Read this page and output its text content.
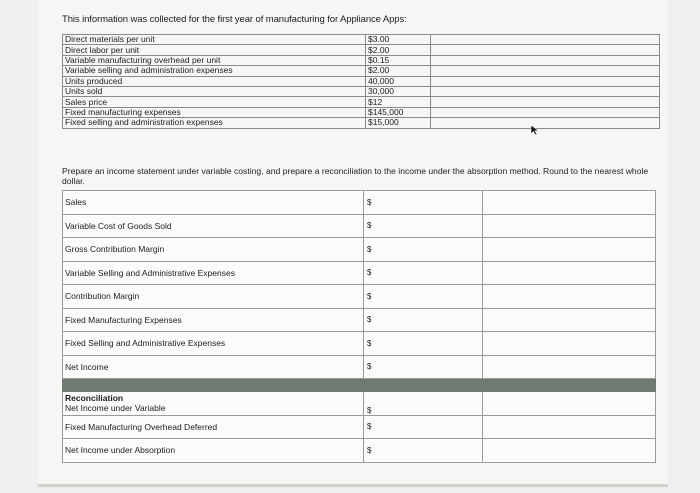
This information was collected for the first year of manufacturing for Appliance Apps:
Direct materials per unit	$3.00	
Direct labor per unit	$2.00	
Variable manufacturing overhead per unit	$0.15	
Variable selling and administration expenses	$2.00	
Units produced	40,000	
Units sold	30,000	
Sales price	$12	
Fixed manufacturing expenses	$145,000	
Fixed selling and administration expenses	$15,000	
Prepare an income statement under variable costing, and prepare a reconciliation to the income under the absorption method. Round to the nearest whole dollar.
Sales	$	
Variable Cost of Goods Sold	$	
Gross Contribution Margin	$	
Variable Selling and Administrative Expenses	$	
Contribution Margin	$	
Fixed Manufacturing Expenses	$	
Fixed Selling and Administrative Expenses	$	
Net Income	$	

Reconciliation
Net Income under Variable	$	
Fixed Manufacturing Overhead Deferred	$	
Net Income under Absorption	$	
